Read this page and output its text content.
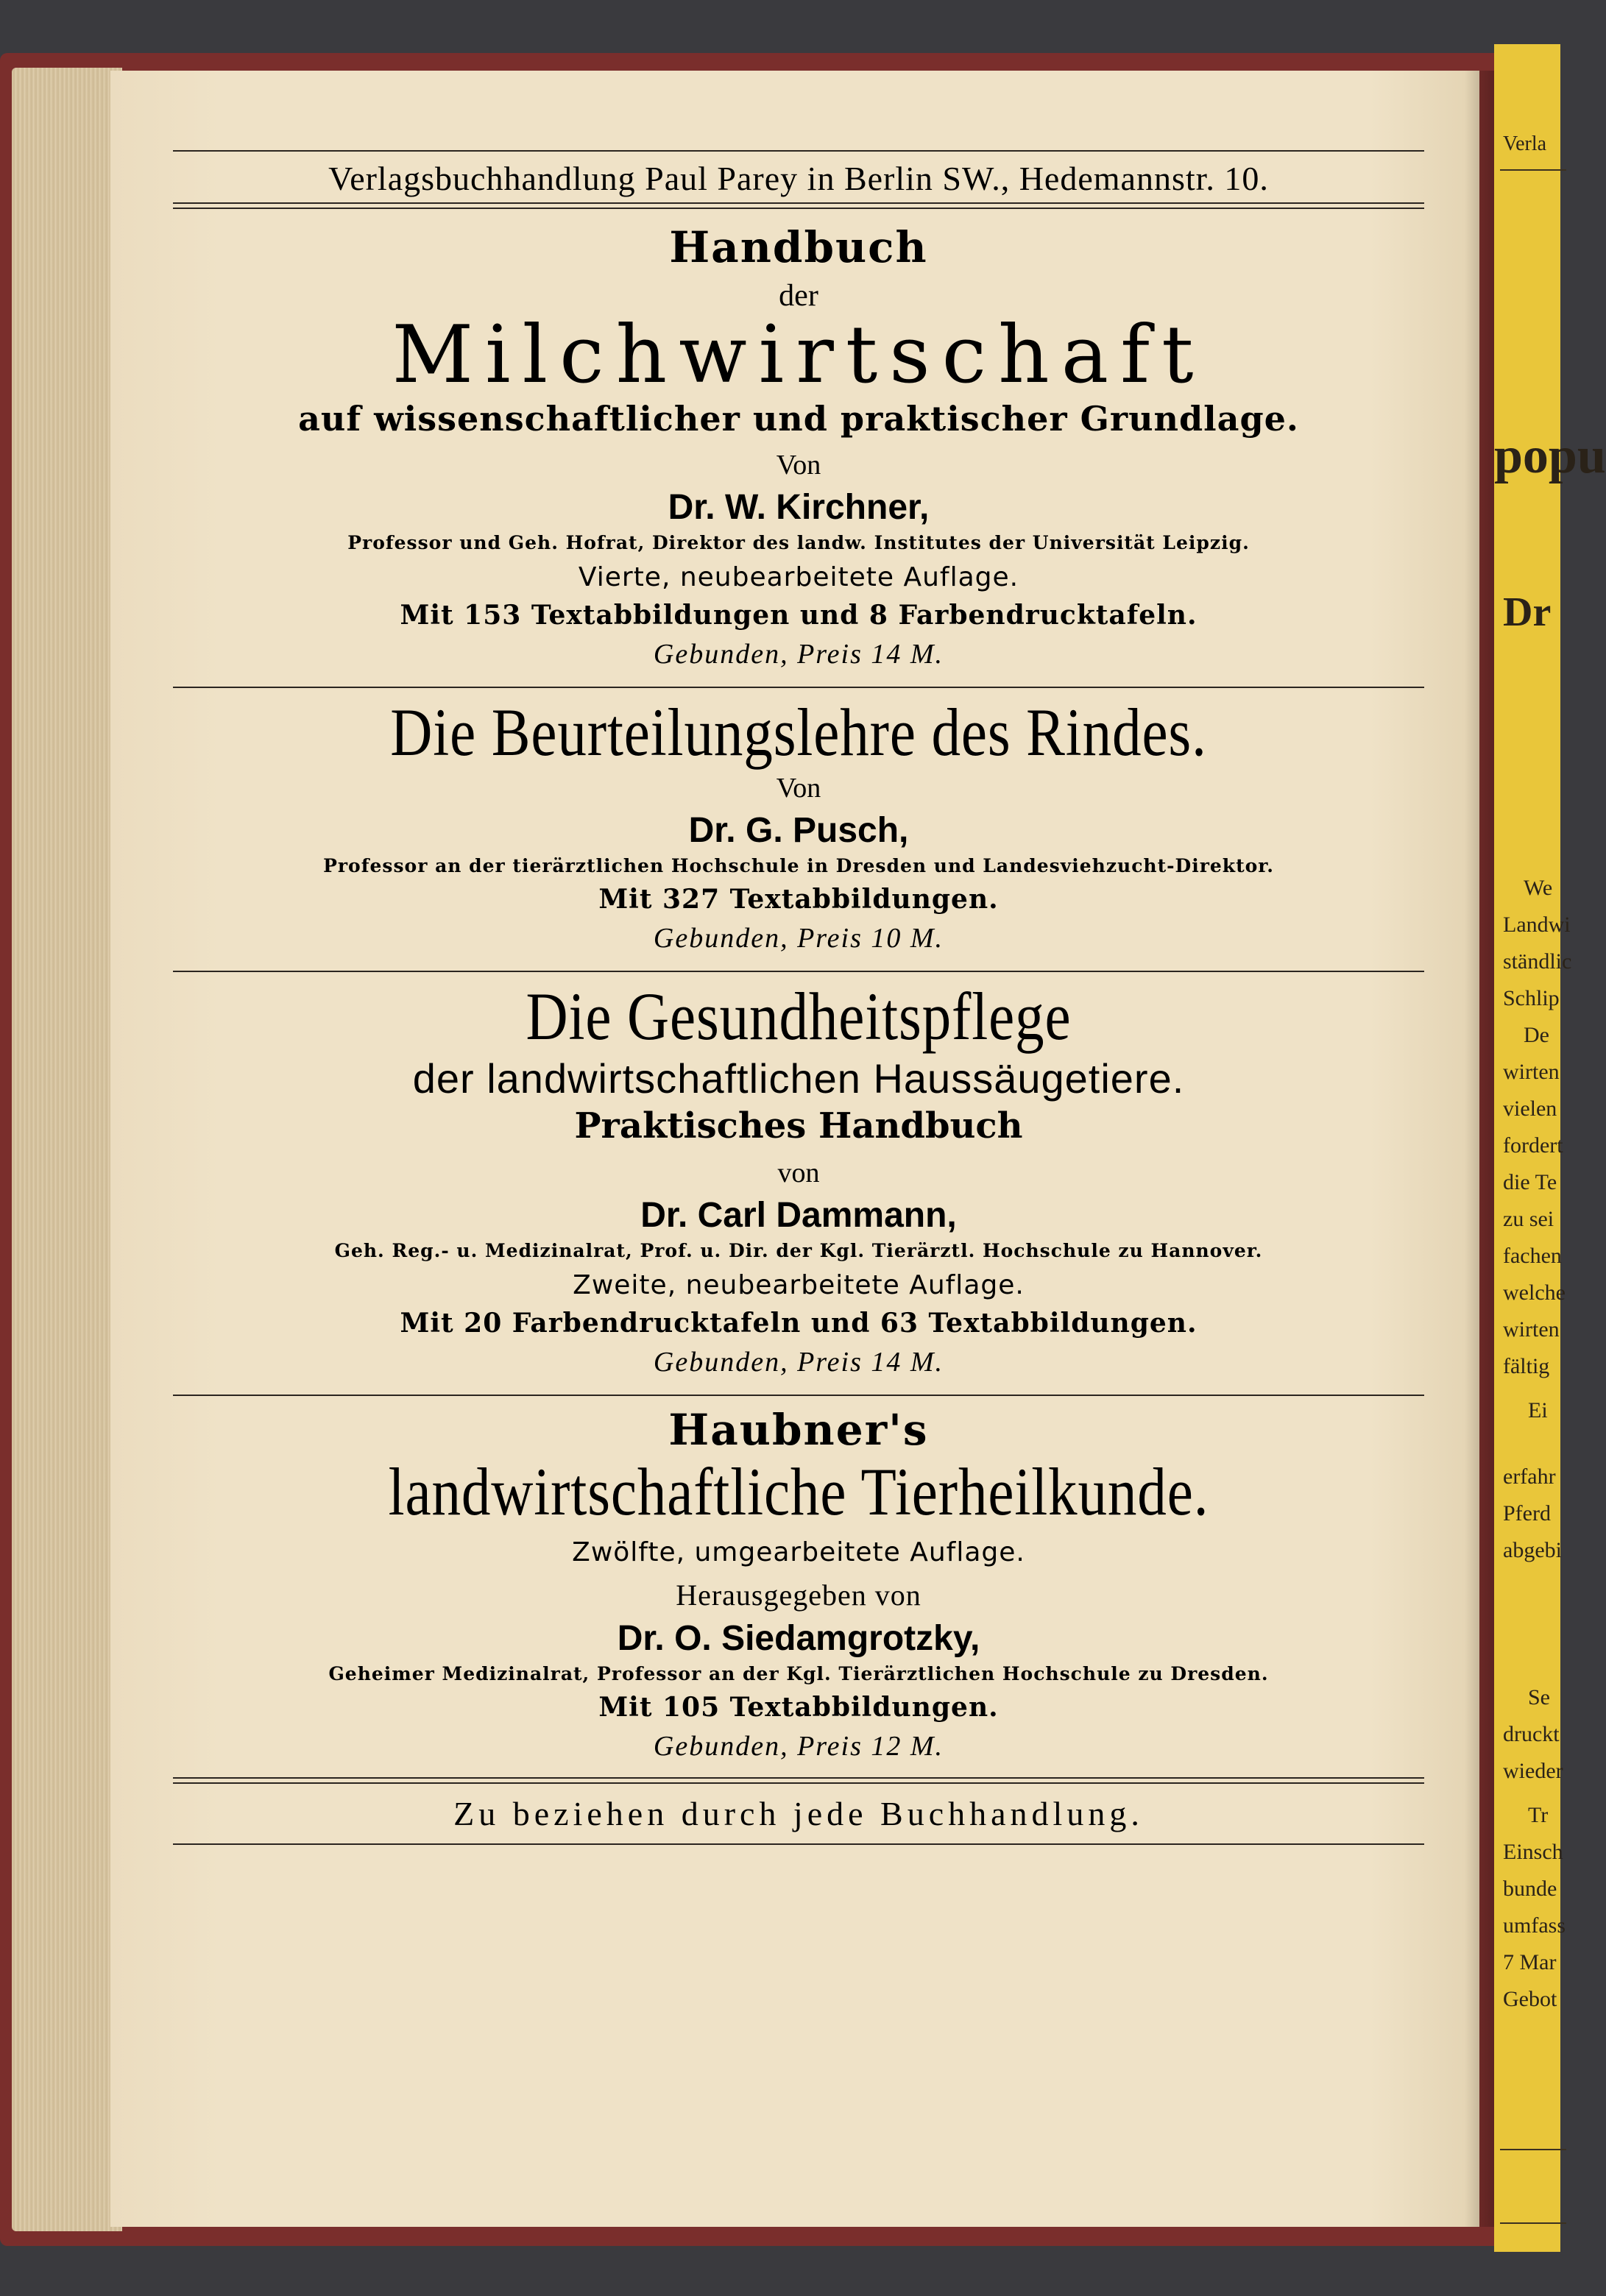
Verla
popu
Dr
We
Landwi
ständlic
Schlip
De
wirten
vielen
fordert
die Te
zu sei
fachen
welche
wirten
fältig
Ei
erfahr
Pferd
abgebi
Se
druckt
wieder
Tr
Einsch
bunde
umfass
7 Mar
Gebot
Verlagsbuchhandlung Paul Parey in Berlin SW., Hedemannstr. 10.
Handbuch
der
Milchwirtschaft
auf wissenschaftlicher und praktischer Grundlage.
Von
Dr. W. Kirchner,
Professor und Geh. Hofrat, Direktor des landw. Institutes der Universität Leipzig.
Vierte, neubearbeitete Auflage.
Mit 153 Textabbildungen und 8 Farbendrucktafeln.
Gebunden, Preis 14 M.
Die Beurteilungslehre des Rindes.
Von
Dr. G. Pusch,
Professor an der tierärztlichen Hochschule in Dresden und Landesviehzucht-Direktor.
Mit 327 Textabbildungen.
Gebunden, Preis 10 M.
Die Gesundheitspflege
der landwirtschaftlichen Haussäugetiere.
Praktisches Handbuch
von
Dr. Carl Dammann,
Geh. Reg.- u. Medizinalrat, Prof. u. Dir. der Kgl. Tierärztl. Hochschule zu Hannover.
Zweite, neubearbeitete Auflage.
Mit 20 Farbendrucktafeln und 63 Textabbildungen.
Gebunden, Preis 14 M.
Haubner's
landwirtschaftliche Tierheilkunde.
Zwölfte, umgearbeitete Auflage.
Herausgegeben von
Dr. O. Siedamgrotzky,
Geheimer Medizinalrat, Professor an der Kgl. Tierärztlichen Hochschule zu Dresden.
Mit 105 Textabbildungen.
Gebunden, Preis 12 M.
Zu beziehen durch jede Buchhandlung.
